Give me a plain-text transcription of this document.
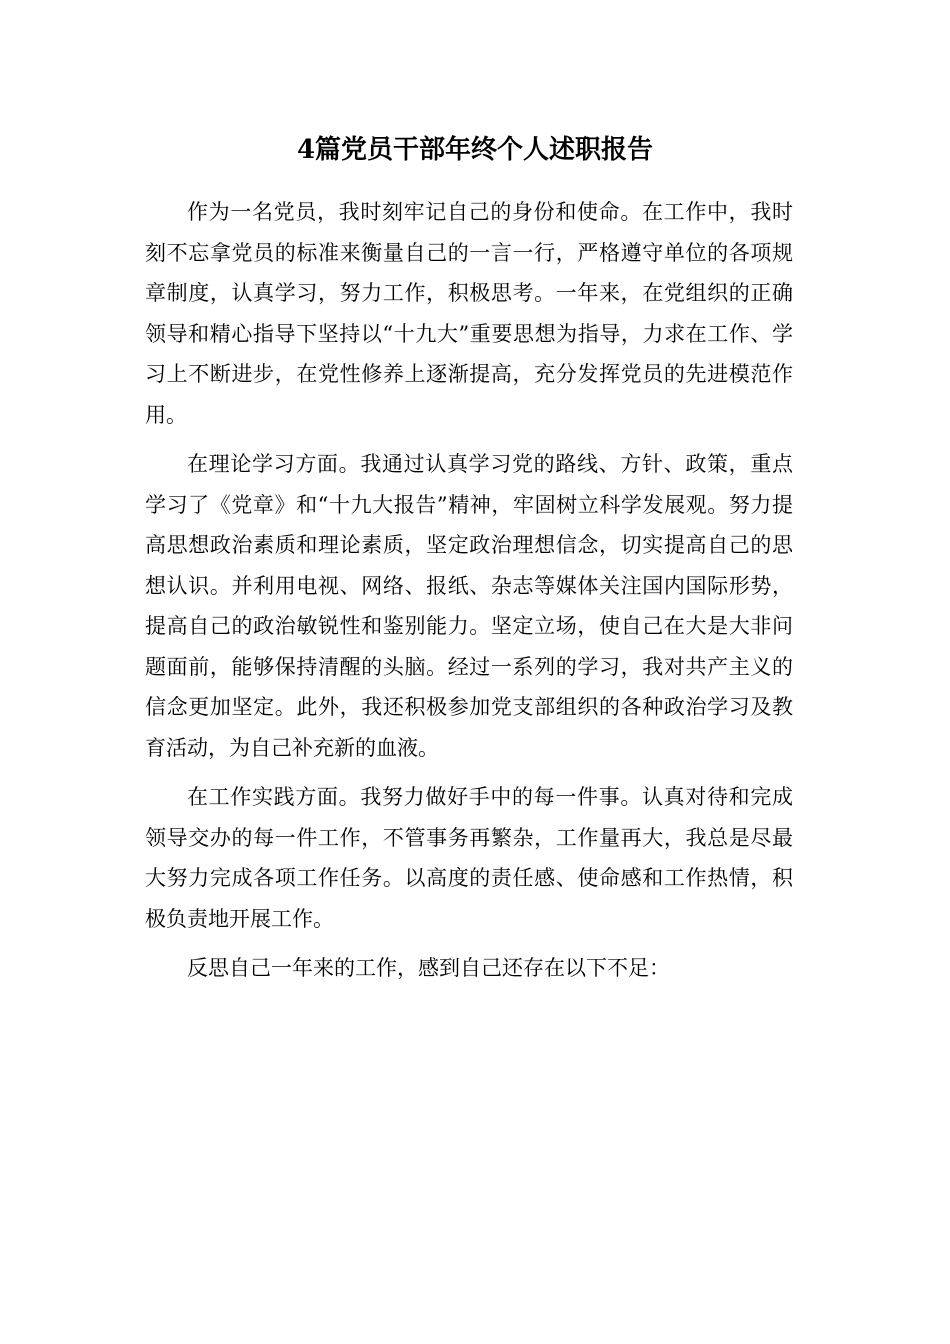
4篇党员干部年终个人述职报告

作为一名党员，我时刻牢记自己的身份和使命。在工作中，我时刻不忘拿党员的标准来衡量自己的一言一行，严格遵守单位的各项规章制度，认真学习，努力工作，积极思考。一年来，在党组织的正确领导和精心指导下坚持以“十九大”重要思想为指导，力求在工作、学习上不断进步，在党性修养上逐渐提高，充分发挥党员的先进模范作用。

在理论学习方面。我通过认真学习党的路线、方针、政策，重点学习了《党章》和“十九大报告”精神，牢固树立科学发展观。努力提高思想政治素质和理论素质，坚定政治理想信念，切实提高自己的思想认识。并利用电视、网络、报纸、杂志等媒体关注国内国际形势，提高自己的政治敏锐性和鉴别能力。坚定立场，使自己在大是大非问题面前，能够保持清醒的头脑。经过一系列的学习，我对共产主义的信念更加坚定。此外，我还积极参加党支部组织的各种政治学习及教育活动，为自己补充新的血液。

在工作实践方面。我努力做好手中的每一件事。认真对待和完成领导交办的每一件工作，不管事务再繁杂，工作量再大，我总是尽最大努力完成各项工作任务。以高度的责任感、使命感和工作热情，积极负责地开展工作。

反思自己一年来的工作，感到自己还存在以下不足：
